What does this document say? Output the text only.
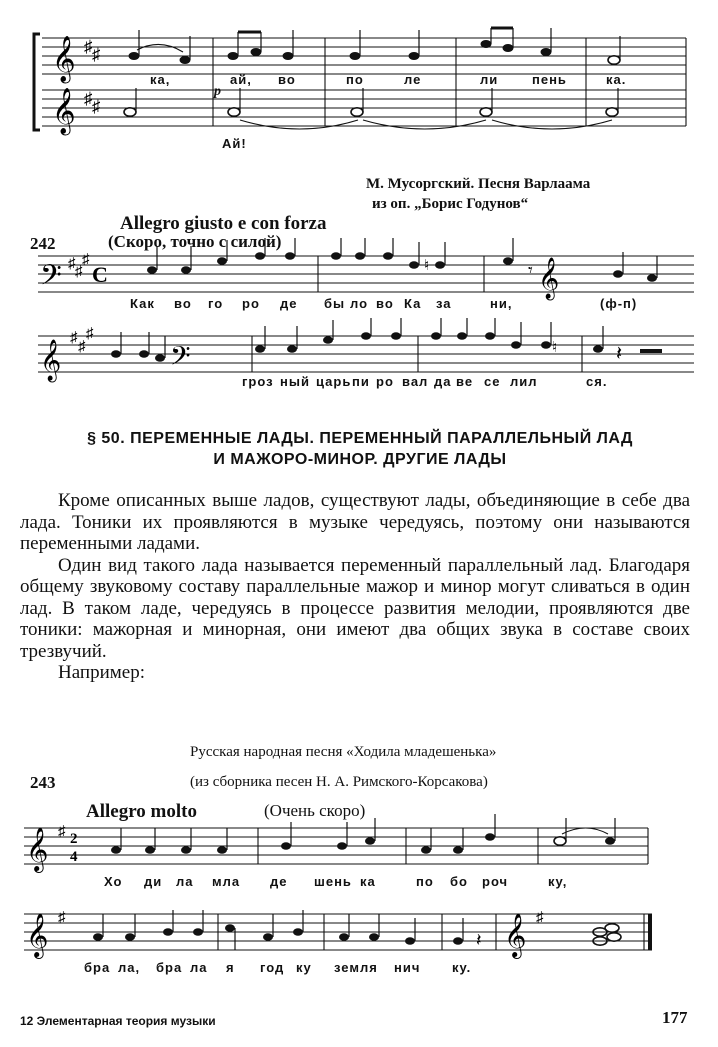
𝄞
𝄞
♯ ♯
♯ ♯
p
ка,	ай, во	по	ле	ли	пень	ка.
Ай!
М. Мусоргский. Песня Варлаама
из оп. „Борис Годунов“
Allegro giusto e con forza
242	(Скоро, точно с силой)
𝄢 ♯ ♯
♯
C	𝄞
♮	𝄾
𝄞
♯
♯
♯
𝄢	♮	𝄽
Как во го ро де бы ло во Ка за	ни,	(ф-п)
гроз ный царь пи ро вал да ве се лил	ся.
§ 50. ПЕРЕМЕННЫЕ ЛАДЫ. ПЕРЕМЕННЫЙ ПАРАЛЛЕЛЬНЫЙ ЛАД
И МАЖОРО-МИНОР. ДРУГИЕ ЛАДЫ

Кроме описанных выше ладов, существуют лады, объединяющие в себе два лада. Тоники их проявляются в музыке чередуясь, поэтому они называются переменными ладами.

Один вид такого лада называется переменный параллельный лад. Благодаря общему звуковому составу параллельные мажор и минор могут сливаться в один лад. В таком ладе, чередуясь в процессе развития мелодии, проявляются две тоники: мажорная и минорная, они имеют два общих звука в составе своих трезвучий.

Например:

Русская народная песня «Ходила младешенька»
243	(из сборника песен Н. А. Римского-Корсакова)
Allegro molto	(Очень скоро)
𝄞 ♯ 2
4
𝄞 ♯	𝄞 ♯
𝄽
Хо ди ла мла де шень ка	по бо роч	ку,
бра ла, бра ла я год ку земля нич ку.
12 Элементарная теория музыки	177
